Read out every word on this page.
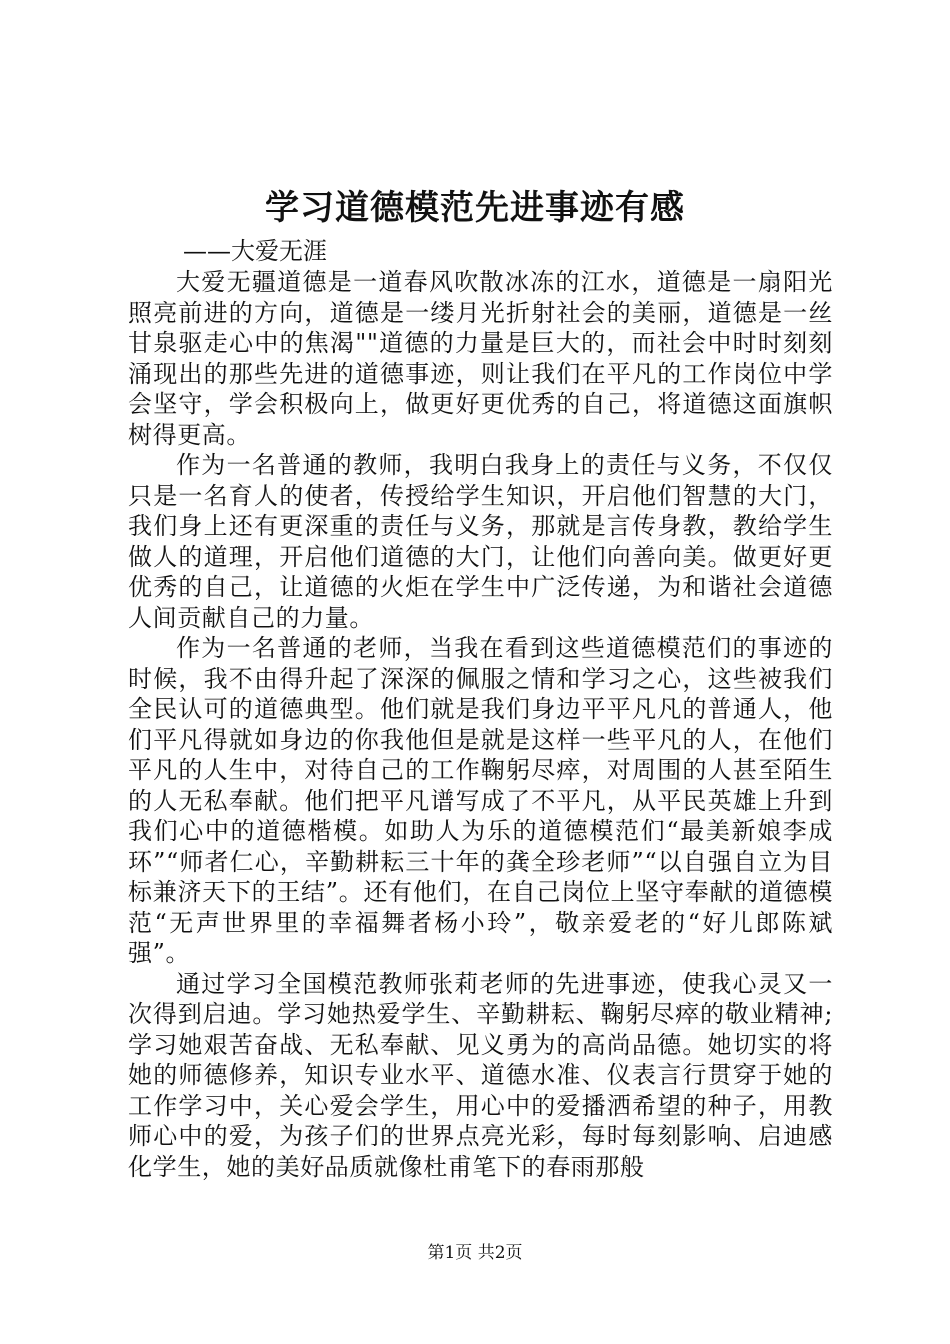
学习道德模范先进事迹有感
——大爱无涯

大爱无疆道德是一道春风吹散冰冻的江水，道德是一扇阳光照亮前进的方向，道德是一缕月光折射社会的美丽，道德是一丝甘泉驱走心中的焦渴""道德的力量是巨大的，而社会中时时刻刻涌现出的那些先进的道德事迹，则让我们在平凡的工作岗位中学会坚守，学会积极向上，做更好更优秀的自己，将道德这面旗帜树得更高。

作为一名普通的教师，我明白我身上的责任与义务，不仅仅只是一名育人的使者，传授给学生知识，开启他们智慧的大门，我们身上还有更深重的责任与义务，那就是言传身教，教给学生做人的道理，开启他们道德的大门，让他们向善向美。做更好更优秀的自己，让道德的火炬在学生中广泛传递，为和谐社会道德人间贡献自己的力量。

作为一名普通的老师，当我在看到这些道德模范们的事迹的时候，我不由得升起了深深的佩服之情和学习之心，这些被我们全民认可的道德典型。他们就是我们身边平平凡凡的普通人，他们平凡得就如身边的你我他但是就是这样一些平凡的人，在他们平凡的人生中，对待自己的工作鞠躬尽瘁，对周围的人甚至陌生的人无私奉献。他们把平凡谱写成了不平凡，从平民英雄上升到我们心中的道德楷模。如助人为乐的道德模范们“最美新娘李成环”“师者仁心，辛勤耕耘三十年的龚全珍老师”“以自强自立为目标兼济天下的王结”。还有他们，在自己岗位上坚守奉献的道德模范“无声世界里的幸福舞者杨小玲”，敬亲爱老的“好儿郎陈斌强”。

通过学习全国模范教师张莉老师的先进事迹，使我心灵又一次得到启迪。学习她热爱学生、辛勤耕耘、鞠躬尽瘁的敬业精神;学习她艰苦奋战、无私奉献、见义勇为的高尚品德。她切实的将她的师德修养，知识专业水平、道德水准、仪表言行贯穿于她的工作学习中，关心爱会学生，用心中的爱播洒希望的种子，用教师心中的爱，为孩子们的世界点亮光彩，每时每刻影响、启迪感化学生，她的美好品质就像杜甫笔下的春雨那般

第1页 共2页
